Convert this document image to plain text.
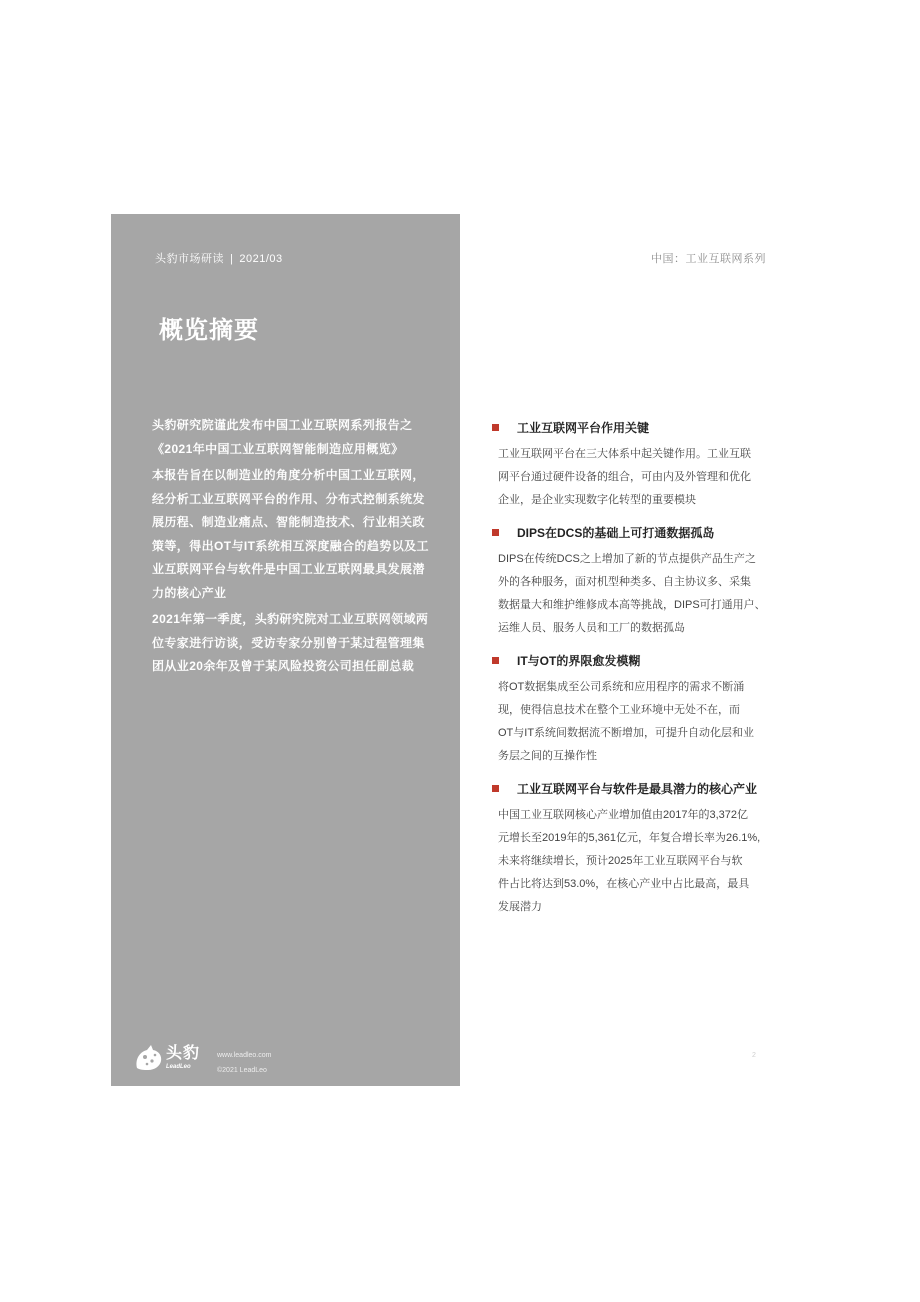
头豹市场研读 | 2021/03
概览摘要

头豹研究院谨此发布中国工业互联网系列报告之《2021年中国工业互联网智能制造应用概览》

本报告旨在以制造业的角度分析中国工业互联网，经分析工业互联网平台的作用、分布式控制系统发展历程、制造业痛点、智能制造技术、行业相关政策等，得出OT与IT系统相互深度融合的趋势以及工业互联网平台与软件是中国工业互联网最具发展潜力的核心产业

2021年第一季度，头豹研究院对工业互联网领域两位专家进行访谈，受访专家分别曾于某过程管理集团从业20余年及曾于某风险投资公司担任副总裁

头豹
LeadLeo
www.leadleo.com
©2021 LeadLeo
中国：工业互联网系列
工业互联网平台作用关键
工业互联网平台在三大体系中起关键作用。工业互联
网平台通过硬件设备的组合，可由内及外管理和优化
企业，是企业实现数字化转型的重要模块
DIPS在DCS的基础上可打通数据孤岛
DIPS在传统DCS之上增加了新的节点提供产品生产之
外的各种服务，面对机型种类多、自主协议多、采集
数据量大和维护维修成本高等挑战，DIPS可打通用户、
运维人员、服务人员和工厂的数据孤岛
IT与OT的界限愈发模糊
将OT数据集成至公司系统和应用程序的需求不断涌
现，使得信息技术在整个工业环境中无处不在，而
OT与IT系统间数据流不断增加，可提升自动化层和业
务层之间的互操作性
工业互联网平台与软件是最具潜力的核心产业
中国工业互联网核心产业增加值由2017年的3,372亿
元增长至2019年的5,361亿元，年复合增长率为26.1%,
未来将继续增长，预计2025年工业互联网平台与软
件占比将达到53.0%，在核心产业中占比最高，最具
发展潜力
2
